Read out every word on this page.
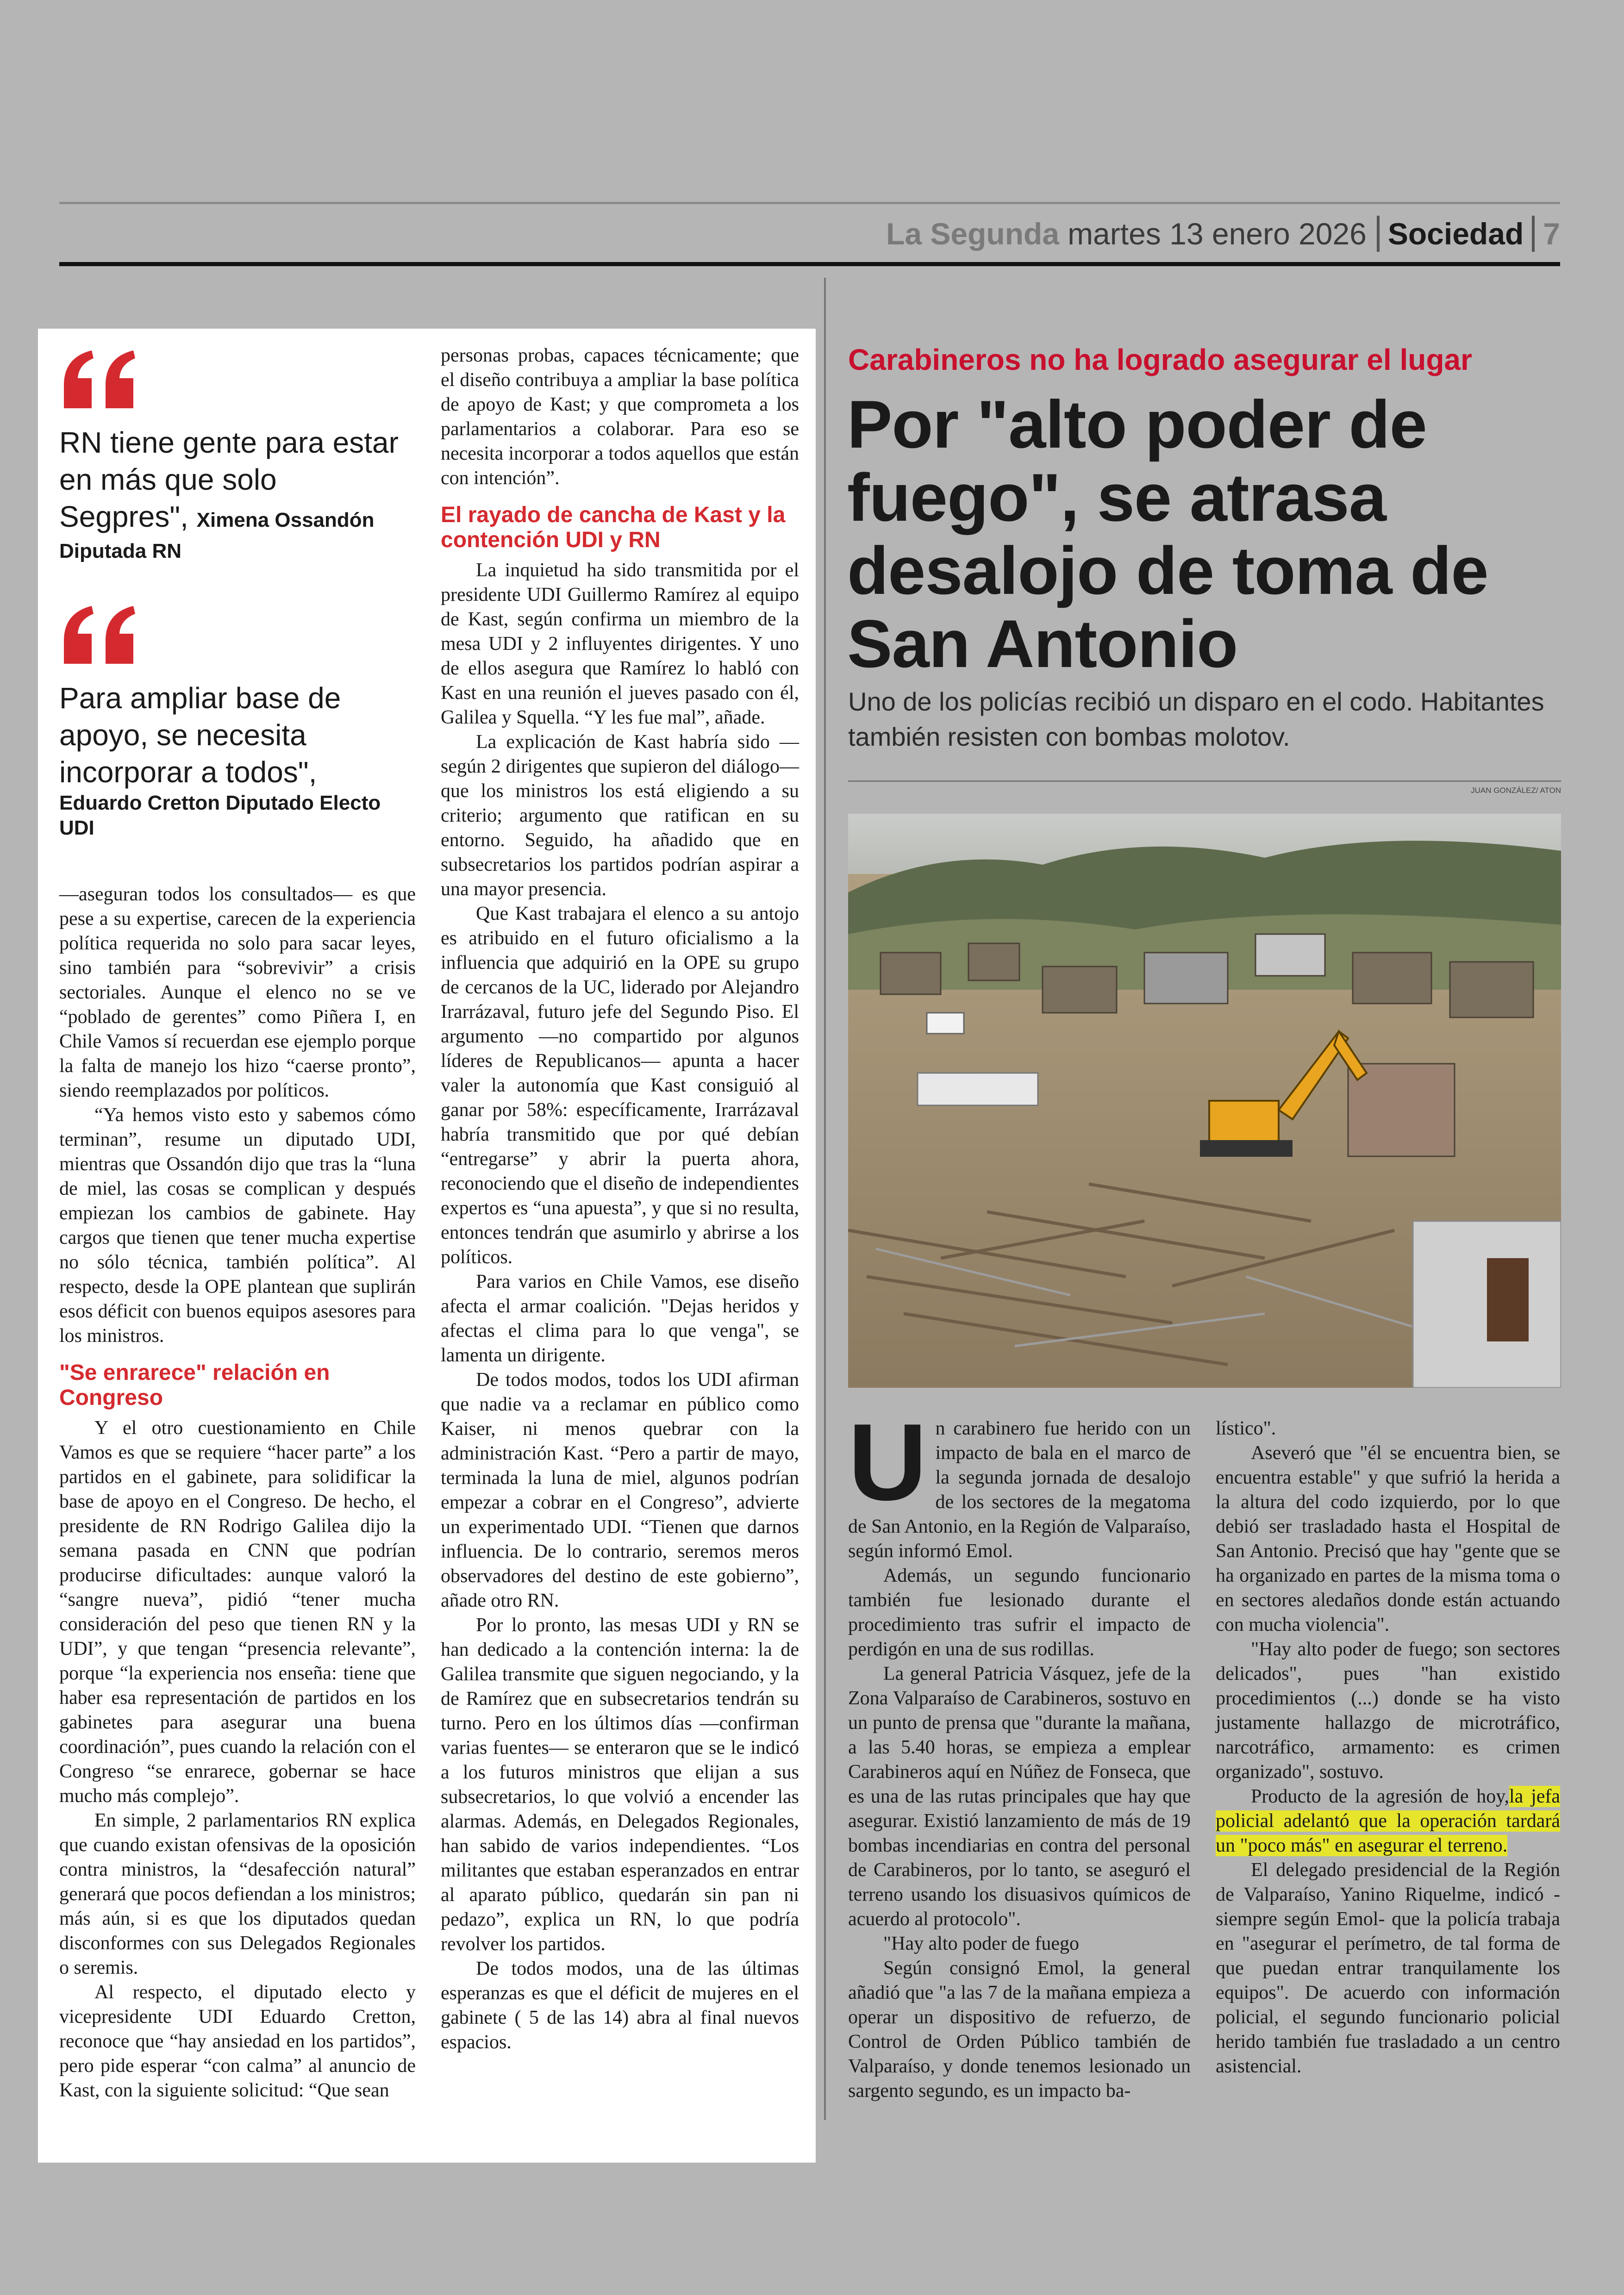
La Segunda martes 13 enero 2026 Sociedad 7
RN tiene gente para estar en más que solo Segpres", Ximena Ossandón
Diputada RN
Para ampliar base de apoyo, se necesita incorporar a todos",
Eduardo Cretton Diputado Electo UDI

—aseguran todos los consultados— es que pese a su expertise, carecen de la experiencia política requerida no solo para sacar leyes, sino también para “sobrevivir” a crisis sectoriales. Aunque el elenco no se ve “poblado de gerentes” como Piñera I, en Chile Vamos sí recuerdan ese ejemplo porque la falta de manejo los hizo “caerse pronto”, siendo reemplazados por políticos.

“Ya hemos visto esto y sabemos cómo terminan”, resume un diputado UDI, mientras que Ossandón dijo que tras la “luna de miel, las cosas se complican y después empiezan los cambios de gabinete. Hay cargos que tienen que tener mucha expertise no sólo técnica, también política”. Al respecto, desde la OPE plantean que suplirán esos déficit con buenos equipos asesores para los ministros.

"Se enrarece" relación en Congreso

Y el otro cuestionamiento en Chile Vamos es que se requiere “hacer parte” a los partidos en el gabinete, para solidificar la base de apoyo en el Congreso. De hecho, el presidente de RN Rodrigo Galilea dijo la semana pasada en CNN que podrían producirse dificultades: aunque valoró la “sangre nueva”, pidió “tener mucha consideración del peso que tienen RN y la UDI”, y que tengan “presencia relevante”, porque “la experiencia nos enseña: tiene que haber esa representación de partidos en los gabinetes para asegurar una buena coordinación”, pues cuando la relación con el Congreso “se enrarece, gobernar se hace mucho más complejo”.

En simple, 2 parlamentarios RN explica que cuando existan ofensivas de la oposición contra ministros, la “desafección natural” generará que pocos defiendan a los ministros; más aún, si es que los diputados quedan disconformes con sus Delegados Regionales o seremis.

Al respecto, el diputado electo y vicepresidente UDI Eduardo Cretton, reconoce que “hay ansiedad en los partidos”, pero pide esperar “con calma” al anuncio de Kast, con la siguiente solicitud: “Que sean

personas probas, capaces técnicamente; que el diseño contribuya a ampliar la base política de apoyo de Kast; y que comprometa a los parlamentarios a colaborar. Para eso se necesita incorporar a todos aquellos que están con intención”.

El rayado de cancha de Kast y la contención UDI y RN

La inquietud ha sido transmitida por el presidente UDI Guillermo Ramírez al equipo de Kast, según confirma un miembro de la mesa UDI y 2 influyentes dirigentes. Y uno de ellos asegura que Ramírez lo habló con Kast en una reunión el jueves pasado con él, Galilea y Squella. “Y les fue mal”, añade.

La explicación de Kast habría sido —según 2 dirigentes que supieron del diálogo— que los ministros los está eligiendo a su criterio; argumento que ratifican en su entorno. Seguido, ha añadido que en subsecretarios los partidos podrían aspirar a una mayor presencia.

Que Kast trabajara el elenco a su antojo es atribuido en el futuro oficialismo a la influencia que adquirió en la OPE su grupo de cercanos de la UC, liderado por Alejandro Irarrázaval, futuro jefe del Segundo Piso. El argumento —no compartido por algunos líderes de Republicanos— apunta a hacer valer la autonomía que Kast consiguió al ganar por 58%: específicamente, Irarrázaval habría transmitido que por qué debían “entregarse” y abrir la puerta ahora, reconociendo que el diseño de independientes expertos es “una apuesta”, y que si no resulta, entonces tendrán que asumirlo y abrirse a los políticos.

Para varios en Chile Vamos, ese diseño afecta el armar coalición. "Dejas heridos y afectas el clima para lo que venga", se lamenta un dirigente.

De todos modos, todos los UDI afirman que nadie va a reclamar en público como Kaiser, ni menos quebrar con la administración Kast. “Pero a partir de mayo, terminada la luna de miel, algunos podrían empezar a cobrar en el Congreso”, advierte un experimentado UDI. “Tienen que darnos influencia. De lo contrario, seremos meros observadores del destino de este gobierno”, añade otro RN.

Por lo pronto, las mesas UDI y RN se han dedicado a la contención interna: la de Galilea transmite que siguen negociando, y la de Ramírez que en subsecretarios tendrán su turno. Pero en los últimos días —confirman varias fuentes— se enteraron que se le indicó a los futuros ministros que elijan a sus subsecretarios, lo que volvió a encender las alarmas. Además, en Delegados Regionales, han sabido de varios independientes. “Los militantes que estaban esperanzados en entrar al aparato público, quedarán sin pan ni pedazo”, explica un RN, lo que podría revolver los partidos.

De todos modos, una de las últimas esperanzas es que el déficit de mujeres en el gabinete ( 5 de las 14) abra al final nuevos espacios.

Carabineros no ha logrado asegurar el lugar
Por "alto poder de fuego", se atrasa desalojo de toma de San Antonio
Uno de los policías recibió un disparo en el codo. Habitantes también resisten con bombas molotov.
JUAN GONZÁLEZ/ ATON

Un carabinero fue herido con un impacto de bala en el marco de la segunda jornada de desalojo de los sectores de la megatoma de San Antonio, en la Región de Valparaíso, según informó Emol.

Además, un segundo funcionario también fue lesionado durante el procedimiento tras sufrir el impacto de perdigón en una de sus rodillas.

La general Patricia Vásquez, jefe de la Zona Valparaíso de Carabineros, sostuvo en un punto de prensa que "durante la mañana, a las 5.40 horas, se empieza a emplear Carabineros aquí en Núñez de Fonseca, que es una de las rutas principales que hay que asegurar. Existió lanzamiento de más de 19 bombas incendiarias en contra del personal de Carabineros, por lo tanto, se aseguró el terreno usando los disuasivos químicos de acuerdo al protocolo".

"Hay alto poder de fuego

Según consignó Emol, la general añadió que "a las 7 de la mañana empieza a operar un dispositivo de refuerzo, de Control de Orden Público también de Valparaíso, y donde tenemos lesionado un sargento segundo, es un impacto ba-

lístico".

Aseveró que "él se encuentra bien, se encuentra estable" y que sufrió la herida a la altura del codo izquierdo, por lo que debió ser trasladado hasta el Hospital de San Antonio. Precisó que hay "gente que se ha organizado en partes de la misma toma o en sectores aledaños donde están actuando con mucha violencia".

"Hay alto poder de fuego; son sectores delicados", pues "han existido procedimientos (...) donde se ha visto justamente hallazgo de microtráfico, narcotráfico, armamento: es crimen organizado", sostuvo.

Producto de la agresión de hoy,la jefa policial adelantó que la operación tardará un "poco más" en asegurar el terreno.

El delegado presidencial de la Región de Valparaíso, Yanino Riquelme, indicó -siempre según Emol- que la policía trabaja en "asegurar el perímetro, de tal forma de que puedan entrar tranquilamente los equipos". De acuerdo con información policial, el segundo funcionario policial herido también fue trasladado a un centro asistencial.
